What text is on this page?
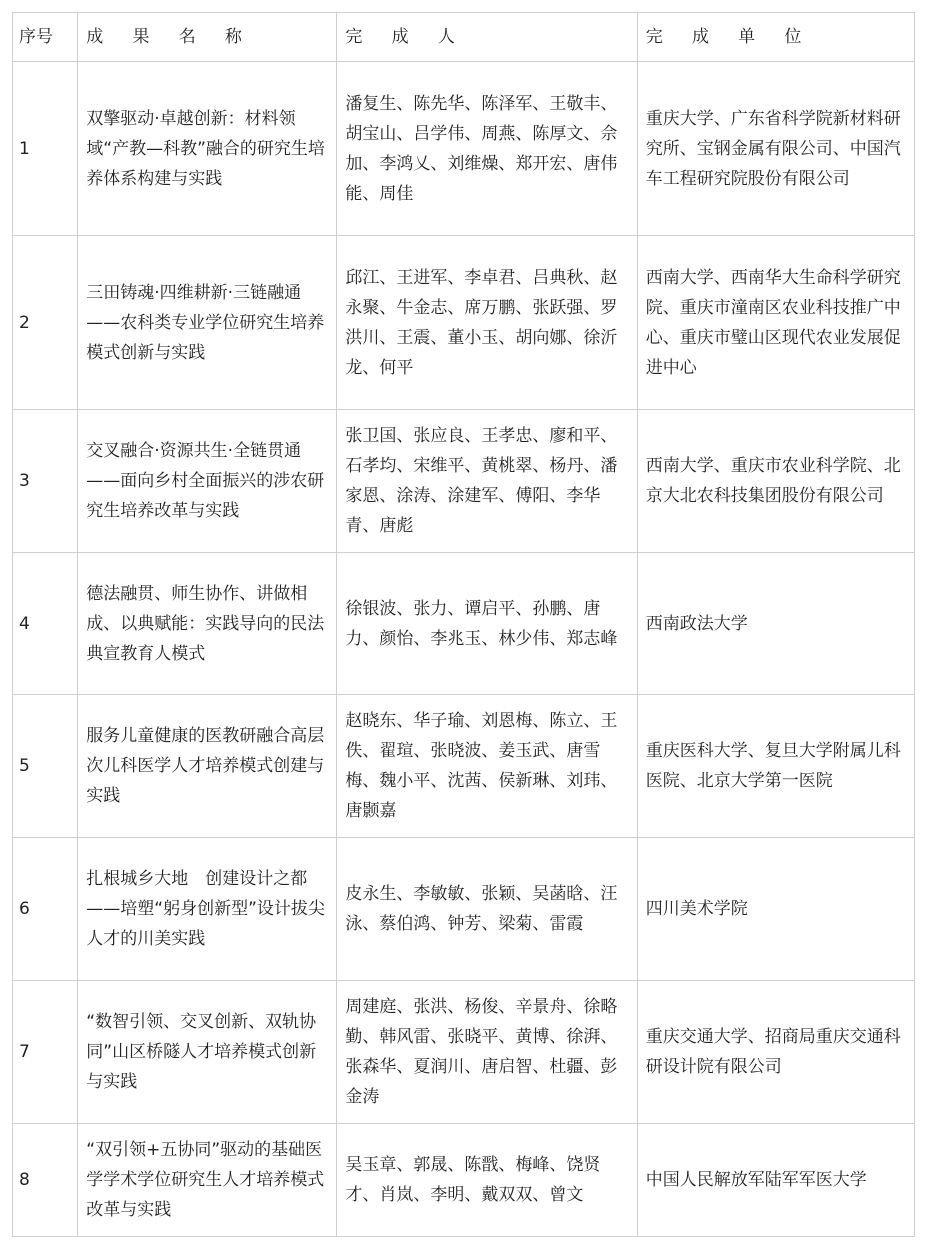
序号	成 果 名 称	完 成 人	完 成 单 位
1	双擎驱动·卓越创新：材料领域“产教—科教”融合的研究生培养体系构建与实践	潘复生、陈先华、陈泽军、王敬丰、胡宝山、吕学伟、周燕、陈厚文、佘加、李鸿乂、刘维燥、郑开宏、唐伟能、周佳	重庆大学、广东省科学院新材料研究所、宝钢金属有限公司、中国汽车工程研究院股份有限公司
2	三田铸魂·四维耕新·三链融通——农科类专业学位研究生培养模式创新与实践	邱江、王进军、李卓君、吕典秋、赵永聚、牛金志、席万鹏、张跃强、罗洪川、王震、董小玉、胡向娜、徐沂龙、何平	西南大学、西南华大生命科学研究院、重庆市潼南区农业科技推广中心、重庆市璧山区现代农业发展促进中心
3	交叉融合·资源共生·全链贯通——面向乡村全面振兴的涉农研究生培养改革与实践	张卫国、张应良、王孝忠、廖和平、石孝均、宋维平、黄桃翠、杨丹、潘家恩、涂涛、涂建军、傅阳、李华青、唐彪	西南大学、重庆市农业科学院、北京大北农科技集团股份有限公司
4	德法融贯、师生协作、讲做相成、以典赋能：实践导向的民法典宣教育人模式	徐银波、张力、谭启平、孙鹏、唐力、颜怡、李兆玉、林少伟、郑志峰	西南政法大学
5	服务儿童健康的医教研融合高层次儿科医学人才培养模式创建与实践	赵晓东、华子瑜、刘恩梅、陈立、王佚、翟瑄、张晓波、姜玉武、唐雪梅、魏小平、沈茜、侯新琳、刘玮、唐颢嘉	重庆医科大学、复旦大学附属儿科医院、北京大学第一医院
6	扎根城乡大地　创建设计之都——培塑“躬身创新型”设计拔尖人才的川美实践	皮永生、李敏敏、张颖、吴菡晗、汪泳、蔡伯鸿、钟芳、梁菊、雷霞	四川美术学院
7	“数智引领、交叉创新、双轨协同”山区桥隧人才培养模式创新与实践	周建庭、张洪、杨俊、辛景舟、徐略勤、韩风雷、张晓平、黄博、徐湃、张森华、夏润川、唐启智、杜疆、彭金涛	重庆交通大学、招商局重庆交通科研设计院有限公司
8	“双引领+五协同”驱动的基础医学学术学位研究生人才培养模式改革与实践	吴玉章、郭晟、陈戬、梅峰、饶贤才、肖岚、李明、戴双双、曾文	中国人民解放军陆军军医大学
